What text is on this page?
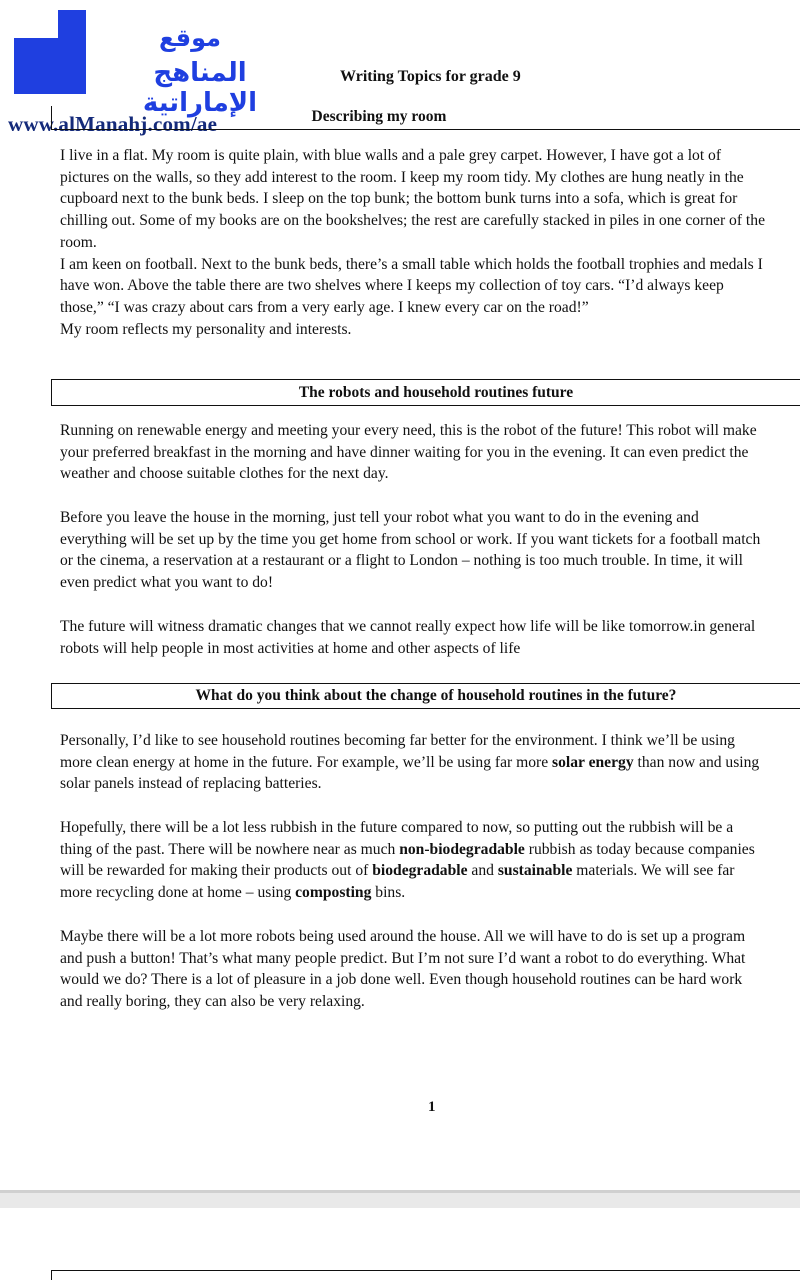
موقع
المناهج الإماراتية
Writing Topics for grade 9
www.alManahj.com/ae	Describing my room
I live in a flat. My room is quite plain, with blue walls and a pale grey carpet. However, I have got a lot of
pictures on the walls, so they add interest to the room. I keep my room tidy. My clothes are hung neatly in the
cupboard next to the bunk beds. I sleep on the top bunk; the bottom bunk turns into a sofa, which is great for
chilling out. Some of my books are on the bookshelves; the rest are carefully stacked in piles in one corner of the
room.
I am keen on football. Next to the bunk beds, there’s a small table which holds the football trophies and medals I
have won. Above the table there are two shelves where I keeps my collection of toy cars. “I’d always keep
those,” “I was crazy about cars from a very early age. I knew every car on the road!”
My room reflects my personality and interests.
The robots and household routines future
Running on renewable energy and meeting your every need, this is the robot of the future! This robot will make
your preferred breakfast in the morning and have dinner waiting for you in the evening. It can even predict the
weather and choose suitable clothes for the next day.
Before you leave the house in the morning, just tell your robot what you want to do in the evening and
everything will be set up by the time you get home from school or work. If you want tickets for a football match
or the cinema, a reservation at a restaurant or a flight to London – nothing is too much trouble. In time, it will
even predict what you want to do!
The future will witness dramatic changes that we cannot really expect how life will be like tomorrow.in general
robots will help people in most activities at home and other aspects of life
What do you think about the change of household routines in the future?
Personally, I’d like to see household routines becoming far better for the environment. I think we’ll be using
more clean energy at home in the future. For example, we’ll be using far more solar energy than now and using
solar panels instead of replacing batteries.
Hopefully, there will be a lot less rubbish in the future compared to now, so putting out the rubbish will be a
thing of the past. There will be nowhere near as much non-biodegradable rubbish as today because companies
will be rewarded for making their products out of biodegradable and sustainable materials. We will see far
more recycling done at home – using composting bins.
Maybe there will be a lot more robots being used around the house. All we will have to do is set up a program
and push a button! That’s what many people predict. But I’m not sure I’d want a robot to do everything. What
would we do? There is a lot of pleasure in a job done well. Even though household routines can be hard work
and really boring, they can also be very relaxing.
1
